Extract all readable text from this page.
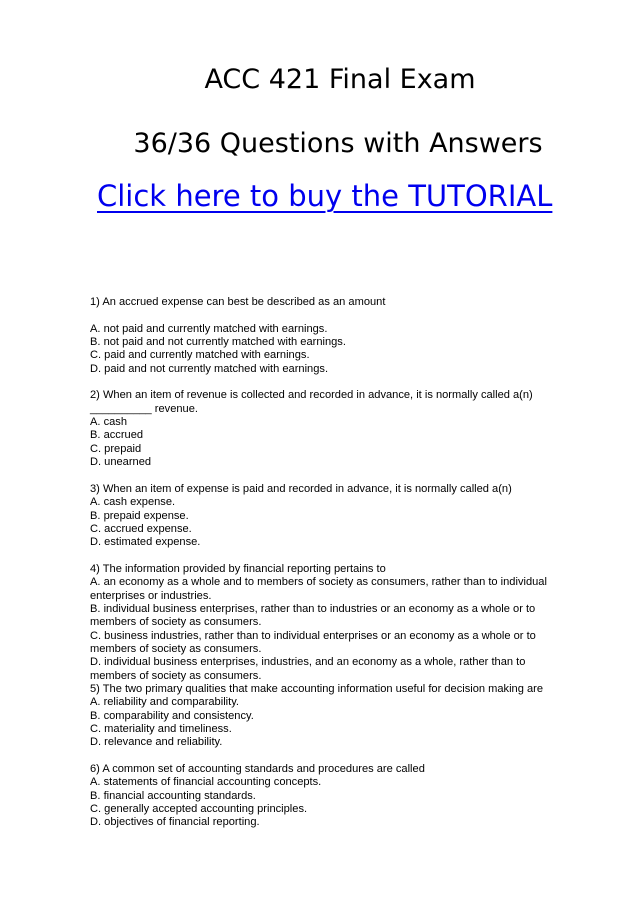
ACC 421 Final Exam
36/36 Questions with Answers
Click here to buy the TUTORIAL
1) An accrued expense can best be described as an amount
A. not paid and currently matched with earnings.
B. not paid and not currently matched with earnings.
C. paid and currently matched with earnings.
D. paid and not currently matched with earnings.
2) When an item of revenue is collected and recorded in advance, it is normally called a(n)
__________ revenue.
A. cash
B. accrued
C. prepaid
D. unearned
3) When an item of expense is paid and recorded in advance, it is normally called a(n)
A. cash expense.
B. prepaid expense.
C. accrued expense.
D. estimated expense.
4) The information provided by financial reporting pertains to
A. an economy as a whole and to members of society as consumers, rather than to individual
enterprises or industries.
B. individual business enterprises, rather than to industries or an economy as a whole or to
members of society as consumers.
C. business industries, rather than to individual enterprises or an economy as a whole or to
members of society as consumers.
D. individual business enterprises, industries, and an economy as a whole, rather than to
members of society as consumers.
5) The two primary qualities that make accounting information useful for decision making are
A. reliability and comparability.
B. comparability and consistency.
C. materiality and timeliness.
D. relevance and reliability.
6) A common set of accounting standards and procedures are called
A. statements of financial accounting concepts.
B. financial accounting standards.
C. generally accepted accounting principles.
D. objectives of financial reporting.
